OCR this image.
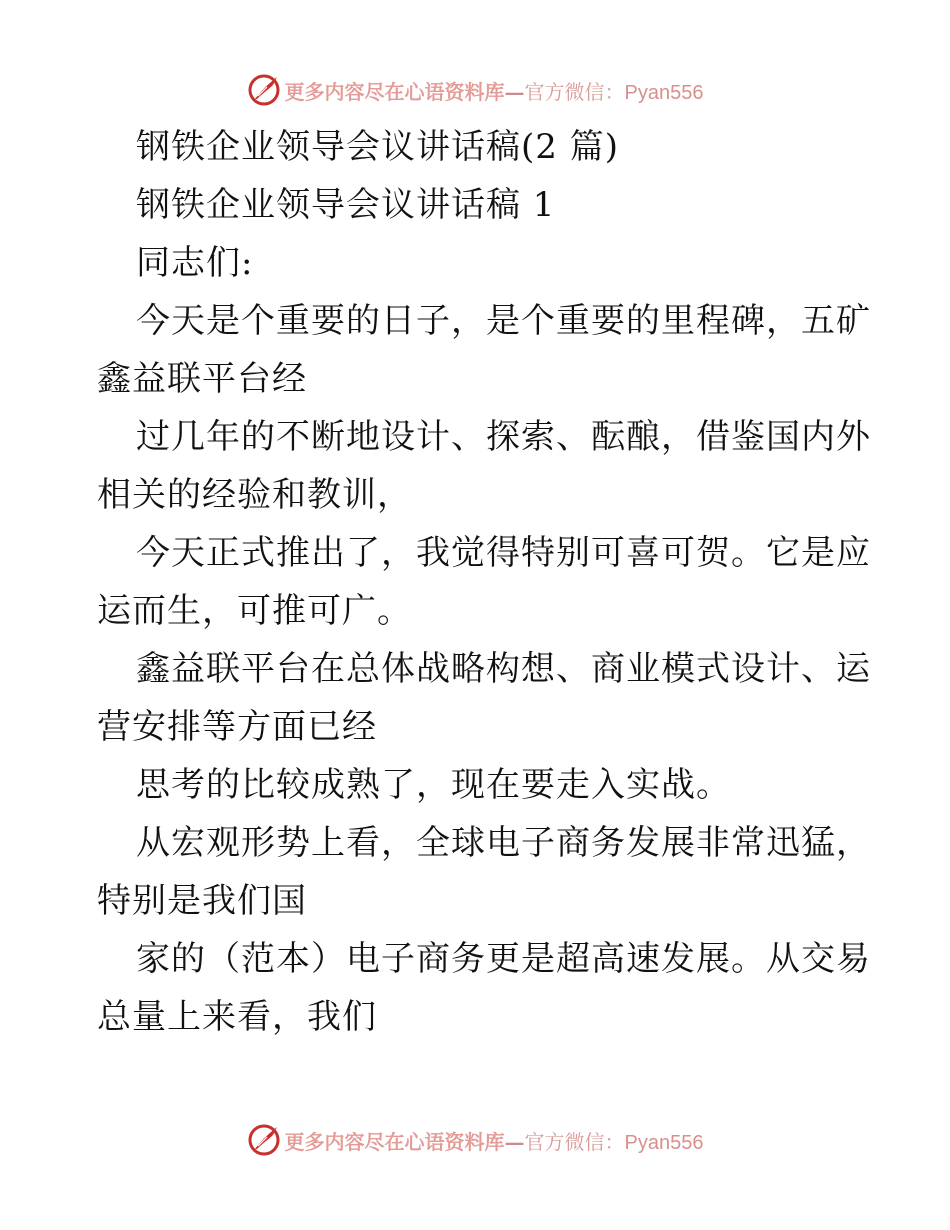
更多内容尽在心语资料库—官方微信：Pyan556

钢铁企业领导会议讲话稿(2 篇)

钢铁企业领导会议讲话稿 1

同志们:

今天是个重要的日子，是个重要的里程碑，五矿
鑫益联平台经
过几年的不断地设计、探索、酝酿，借鉴国内外
相关的经验和教训，
今天正式推出了，我觉得特别可喜可贺。它是应
运而生，可推可广。
鑫益联平台在总体战略构想、商业模式设计、运
营安排等方面已经
思考的比较成熟了，现在要走入实战。
从宏观形势上看，全球电子商务发展非常迅猛，
特别是我们国
家的（范本）电子商务更是超高速发展。从交易
总量上来看，我们
更多内容尽在心语资料库—官方微信：Pyan556
